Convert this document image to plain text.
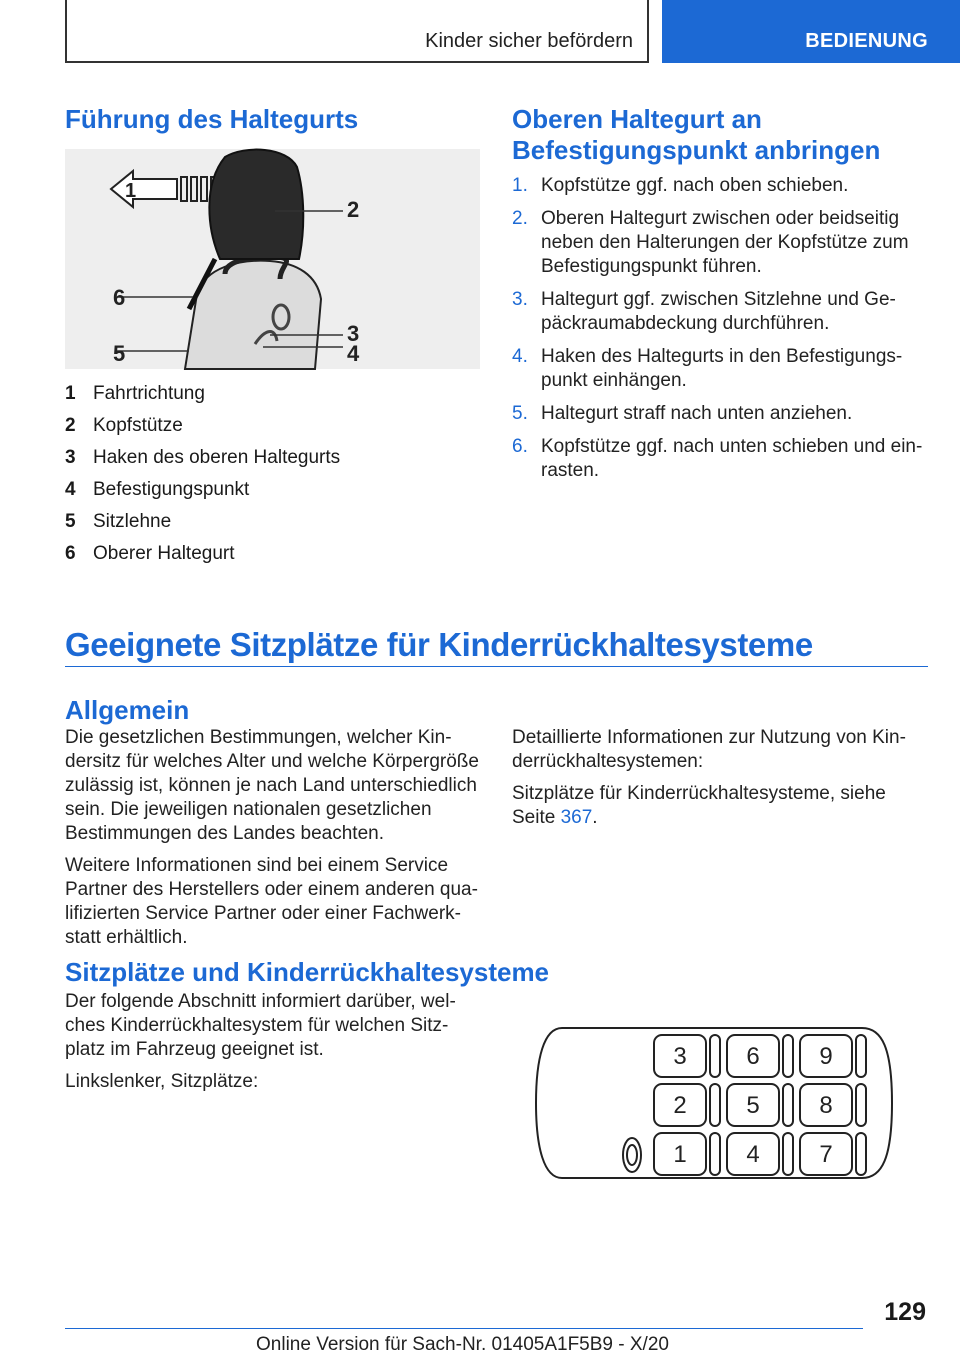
Kinder sicher befördern	BEDIENUNG
Führung des Haltegurts
1
2
3
4
5
6
1 Fahrtrichtung
2 Kopfstütze
3 Haken des oberen Haltegurts
4 Befestigungspunkt
5 Sitzlehne
6 Oberer Haltegurt
Oberen Haltegurt an
Befestigungspunkt anbringen
1. Kopfstütze ggf. nach oben schieben.
2. Oberen Haltegurt zwischen oder beidseitig neben den Halterungen der Kopfstütze zum Befestigungspunkt führen.
3. Haltegurt ggf. zwischen Sitzlehne und Gepäckraumabdeckung durchführen.
4. Haken des Haltegurts in den Befestigungspunkt einhängen.
5. Haltegurt straff nach unten anziehen.
6. Kopfstütze ggf. nach unten schieben und einrasten.
Geeignete Sitzplätze für Kinderrückhaltesysteme
Allgemein

Die gesetzlichen Bestimmungen, welcher Kindersitz für welches Alter und welche Körpergröße zulässig ist, können je nach Land unterschiedlich sein. Die jeweiligen nationalen gesetzlichen Bestimmungen des Landes beachten.

Weitere Informationen sind bei einem Service Partner des Herstellers oder einem anderen qualifizierten Service Partner oder einer Fachwerkstatt erhältlich.

Detaillierte Informationen zur Nutzung von Kinderrückhaltesystemen:

Sitzplätze für Kinderrückhaltesysteme, siehe Seite 367.

Sitzplätze und Kinderrückhaltesysteme

Der folgende Abschnitt informiert darüber, welches Kinderrückhaltesystem für welchen Sitzplatz im Fahrzeug geeignet ist.

Linkslenker, Sitzplätze:

3 6 9
2 5 8
1 4 7
129
Online Version für Sach-Nr. 01405A1F5B9 - X/20
